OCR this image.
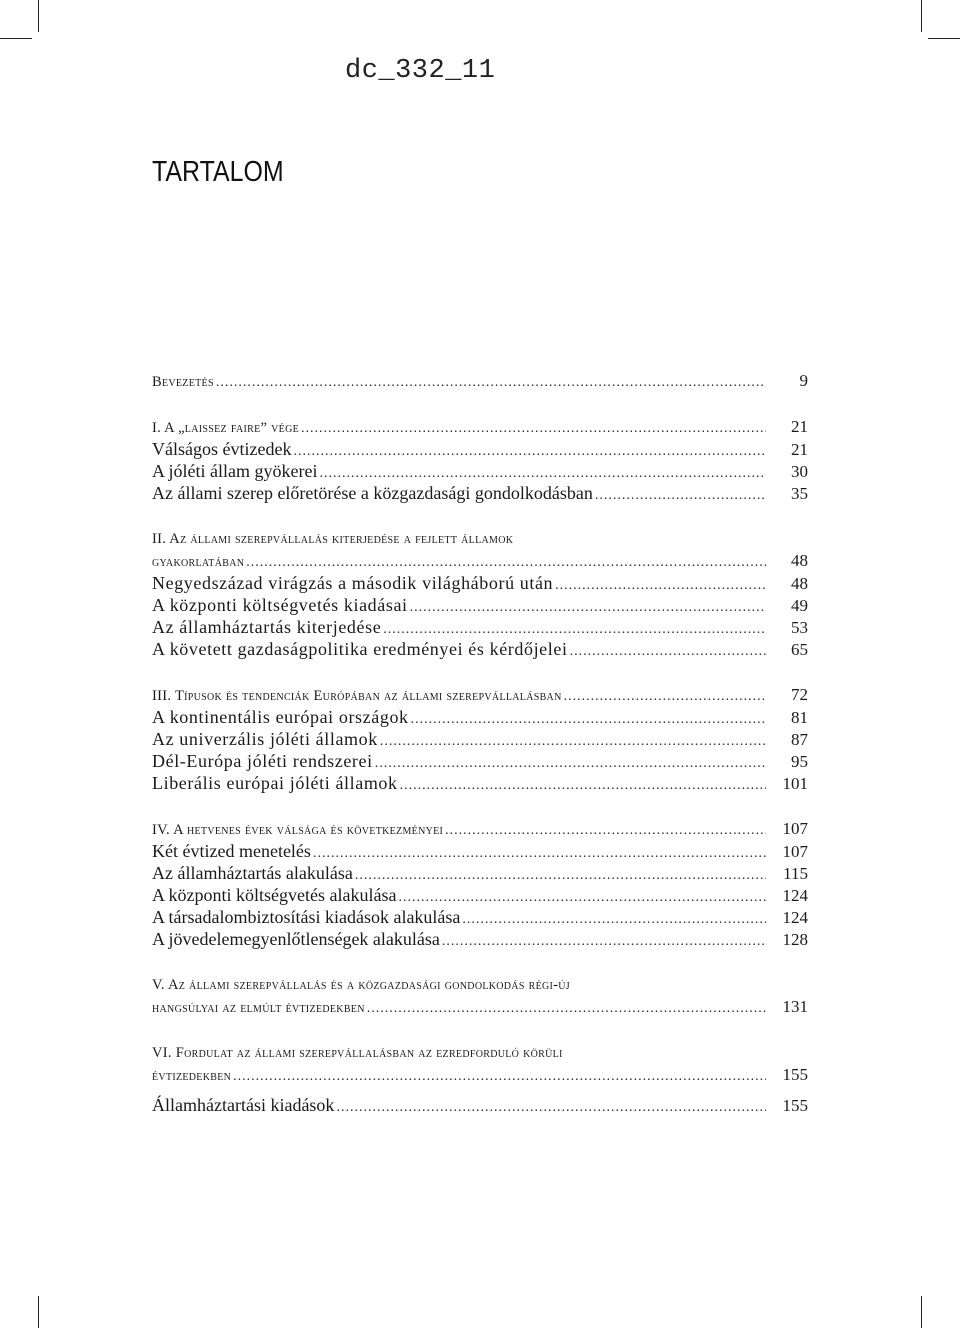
dc_332_11
TARTALOM
Bevezetés .....	9
I. A „laissez faire” vége .....	21
Válságos évtizedek .....	21
A jóléti állam gyökerei .....	30
Az állami szerep előretörése a közgazdasági gondolkodásban .....	35
II. Az állami szerepvállalás kiterjedése a fejlett államok
gyakorlatában .....	48
Negyedszázad virágzás a második világháború után .....	48
A központi költségvetés kiadásai .....	49
Az államháztartás kiterjedése .....	53
A követett gazdaságpolitika eredményei és kérdőjelei .....	65
III. Típusok és tendenciák Európában az állami szerepvállalásban .....	72
A kontinentális európai országok .....	81
Az univerzális jóléti államok .....	87
Dél-Európa jóléti rendszerei .....	95
Liberális európai jóléti államok .....	101
IV. A hetvenes évek válsága és következményei .....	107
Két évtized menetelés .....	107
Az államháztartás alakulása .....	115
A központi költségvetés alakulása .....	124
A társadalombiztosítási kiadások alakulása .....	124
A jövedelemegyenlőtlenségek alakulása .....	128
V. Az állami szerepvállalás és a közgazdasági gondolkodás régi-új
hangsúlyai az elmúlt évtizedekben .....	131
VI. Fordulat az állami szerepvállalásban az ezredforduló körüli
évtizedekben .....	155
Államháztartási kiadások .....	155
